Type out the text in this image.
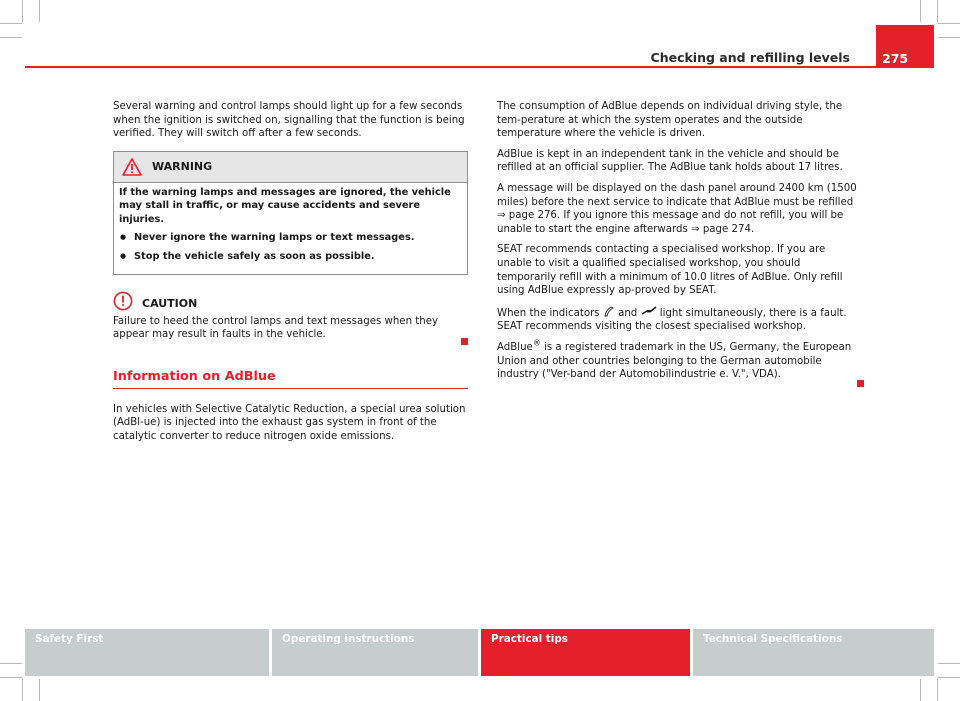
Checking and refilling levels	275

Several warning and control lamps should light up for a few seconds when the ignition is switched on, signalling that the function is being verified. They will switch off after a few seconds.

WARNING
If the warning lamps and messages are ignored, the vehicle may stall in traffic, or may cause accidents and severe injuries.
● Never ignore the warning lamps or text messages.
● Stop the vehicle safely as soon as possible.
CAUTION

Failure to heed the control lamps and text messages when they appear may result in faults in the vehicle.

Information on AdBlue

In vehicles with Selective Catalytic Reduction, a special urea solution (AdBl-ue) is injected into the exhaust gas system in front of the catalytic converter to reduce nitrogen oxide emissions.

The consumption of AdBlue depends on individual driving style, the tem-perature at which the system operates and the outside temperature where the vehicle is driven.

AdBlue is kept in an independent tank in the vehicle and should be refilled at an official supplier. The AdBlue tank holds about 17 litres.

A message will be displayed on the dash panel around 2400 km (1500 miles) before the next service to indicate that AdBlue must be refilled ⇒ page 276. If you ignore this message and do not refill, you will be unable to start the engine afterwards ⇒ page 274.

SEAT recommends contacting a specialised workshop. If you are unable to visit a qualified specialised workshop, you should temporarily refill with a minimum of 10.0 litres of AdBlue. Only refill using AdBlue expressly ap-proved by SEAT.

When the indicators and light simultaneously, there is a fault. SEAT recommends visiting the closest specialised workshop.

AdBlue® is a registered trademark in the US, Germany, the European Union and other countries belonging to the German automobile industry ("Ver-band der Automobilindustrie e. V.", VDA).

Safety First	Operating instructions	Practical tips	Technical Specifications
